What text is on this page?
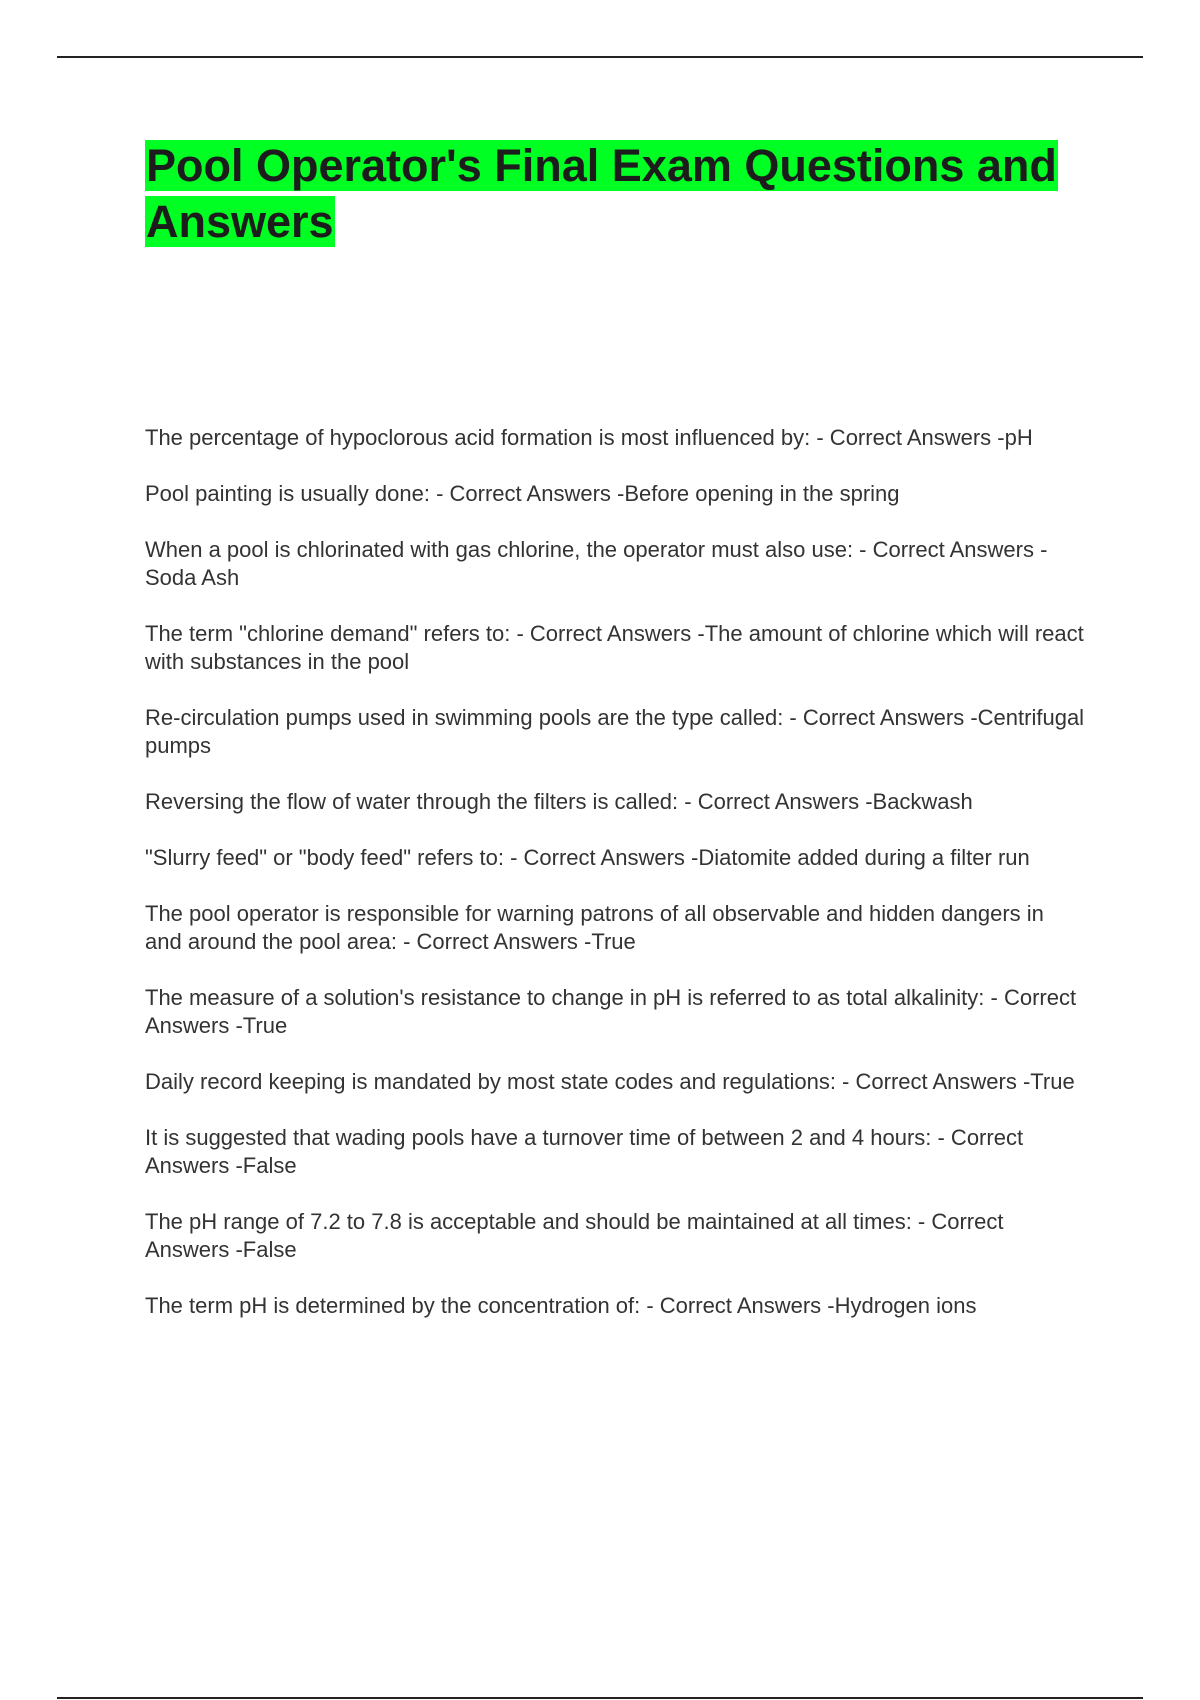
Pool Operator's Final Exam Questions and Answers
The percentage of hypoclorous acid formation is most influenced by: - Correct Answers -pH
Pool painting is usually done: - Correct Answers -Before opening in the spring
When a pool is chlorinated with gas chlorine, the operator must also use: - Correct Answers -Soda Ash
The term "chlorine demand" refers to: - Correct Answers -The amount of chlorine which will react with substances in the pool
Re-circulation pumps used in swimming pools are the type called: - Correct Answers -Centrifugal pumps
Reversing the flow of water through the filters is called: - Correct Answers -Backwash
"Slurry feed" or "body feed" refers to: - Correct Answers -Diatomite added during a filter run
The pool operator is responsible for warning patrons of all observable and hidden dangers in and around the pool area: - Correct Answers -True
The measure of a solution's resistance to change in pH is referred to as total alkalinity: - Correct Answers -True
Daily record keeping is mandated by most state codes and regulations: - Correct Answers -True
It is suggested that wading pools have a turnover time of between 2 and 4 hours: - Correct Answers -False
The pH range of 7.2 to 7.8 is acceptable and should be maintained at all times: - Correct Answers -False
The term pH is determined by the concentration of: - Correct Answers -Hydrogen ions
